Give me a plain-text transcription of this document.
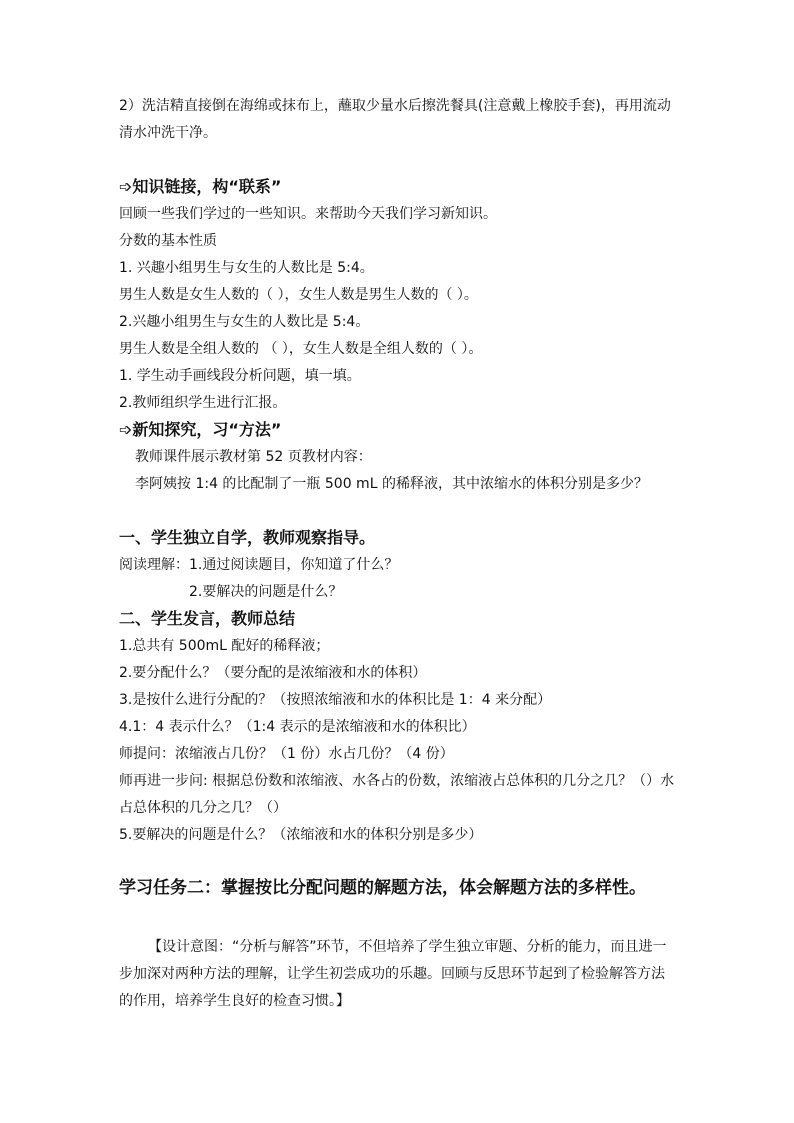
2）洗洁精直接倒在海绵或抹布上，蘸取少量水后擦洗餐具(注意戴上橡胶手套)，再用流动
清水冲洗干净。
➩知识链接，构“联系”
回顾一些我们学过的一些知识。来帮助今天我们学习新知识。
分数的基本性质
1. 兴趣小组男生与女生的人数比是 5:4。
男生人数是女生人数的（ ），女生人数是男生人数的（ ）。
2.兴趣小组男生与女生的人数比是 5:4。
男生人数是全组人数的 （ ），女生人数是全组人数的（ ）。
1. 学生动手画线段分析问题，填一填。
2.教师组织学生进行汇报。
➩新知探究，习“方法”
教师课件展示教材第 52 页教材内容：
李阿姨按 1:4 的比配制了一瓶 500 mL 的稀释液，其中浓缩水的体积分别是多少？
一、学生独立自学，教师观察指导。
阅读理解：1.通过阅读题目，你知道了什么？
2.要解决的问题是什么？
二、学生发言，教师总结
1.总共有 500mL 配好的稀释液；
2.要分配什么？（要分配的是浓缩液和水的体积）
3.是按什么进行分配的？（按照浓缩液和水的体积比是 1：4 来分配）
4.1：4 表示什么？（1:4 表示的是浓缩液和水的体积比）
师提问：浓缩液占几份？（1 份）水占几份？（4 份）
师再进一步问: 根据总份数和浓缩液、水各占的份数，浓缩液占总体积的几分之几？（）水
占总体积的几分之几？（）
5.要解决的问题是什么？（浓缩液和水的体积分别是多少）
学习任务二：掌握按比分配问题的解题方法，体会解题方法的多样性。
【设计意图：“分析与解答”环节，不但培养了学生独立审题、分析的能力，而且进一
步加深对两种方法的理解，让学生初尝成功的乐趣。回顾与反思环节起到了检验解答方法
的作用，培养学生良好的检查习惯。】
